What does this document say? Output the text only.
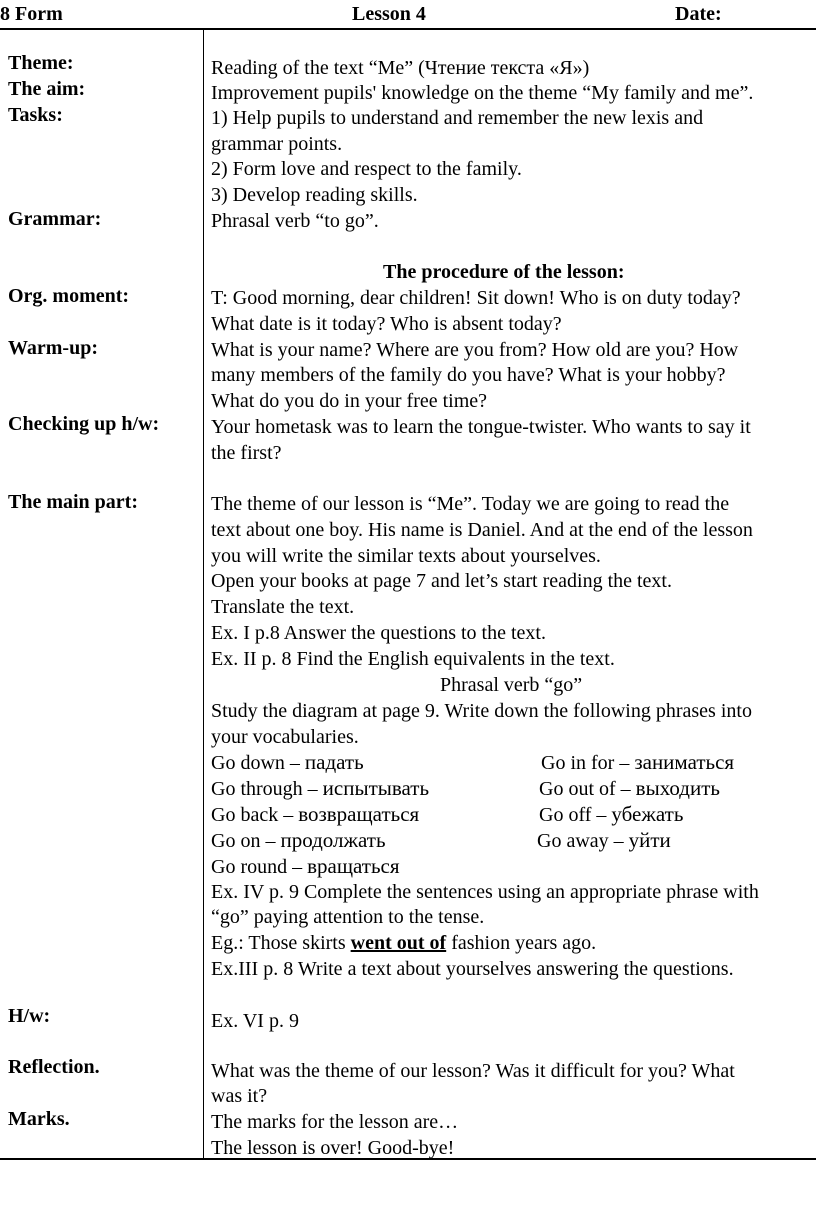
8 Form	Lesson 4	Date:
Theme:
The aim:
Tasks:
Grammar:
Org. moment:
Warm-up:
Checking up h/w:
The main part:
H/w:
Reflection.
Marks.
Reading of the text “Me” (Чтение текста «Я»)
Improvement pupils' knowledge on the theme “My family and me”.
1) Help pupils to understand and remember the new lexis and
grammar points.
2) Form love and respect to the family.
3) Develop reading skills.
Phrasal verb “to go”.
The procedure of the lesson:
T: Good morning, dear children! Sit down! Who is on duty today?
What date is it today? Who is absent today?
What is your name? Where are you from? How old are you? How
many members of the family do you have? What is your hobby?
What do you do in your free time?
Your hometask was to learn the tongue-twister. Who wants to say it
the first?
The theme of our lesson is “Me”. Today we are going to read the
text about one boy. His name is Daniel. And at the end of the lesson
you will write the similar texts about yourselves.
Open your books at page 7 and let’s start reading the text.
Translate the text.
Ex. I p.8 Answer the questions to the text.
Ex. II p. 8 Find the English equivalents in the text.
Phrasal verb “go”
Study the diagram at page 9. Write down the following phrases into
your vocabularies.
Go down – падать
Go through – испытывать
Go back – возвращаться
Go on – продолжать
Go round – вращаться
Go in for – заниматься
Go out of – выходить
Go off – убежать
Go away – уйти
Ex. IV p. 9 Complete the sentences using an appropriate phrase with
“go” paying attention to the tense.
Eg.: Those skirts went out of fashion years ago.
Ex.III p. 8 Write a text about yourselves answering the questions.
Ex. VI p. 9
What was the theme of our lesson? Was it difficult for you? What
was it?
The marks for the lesson are…
The lesson is over! Good-bye!
